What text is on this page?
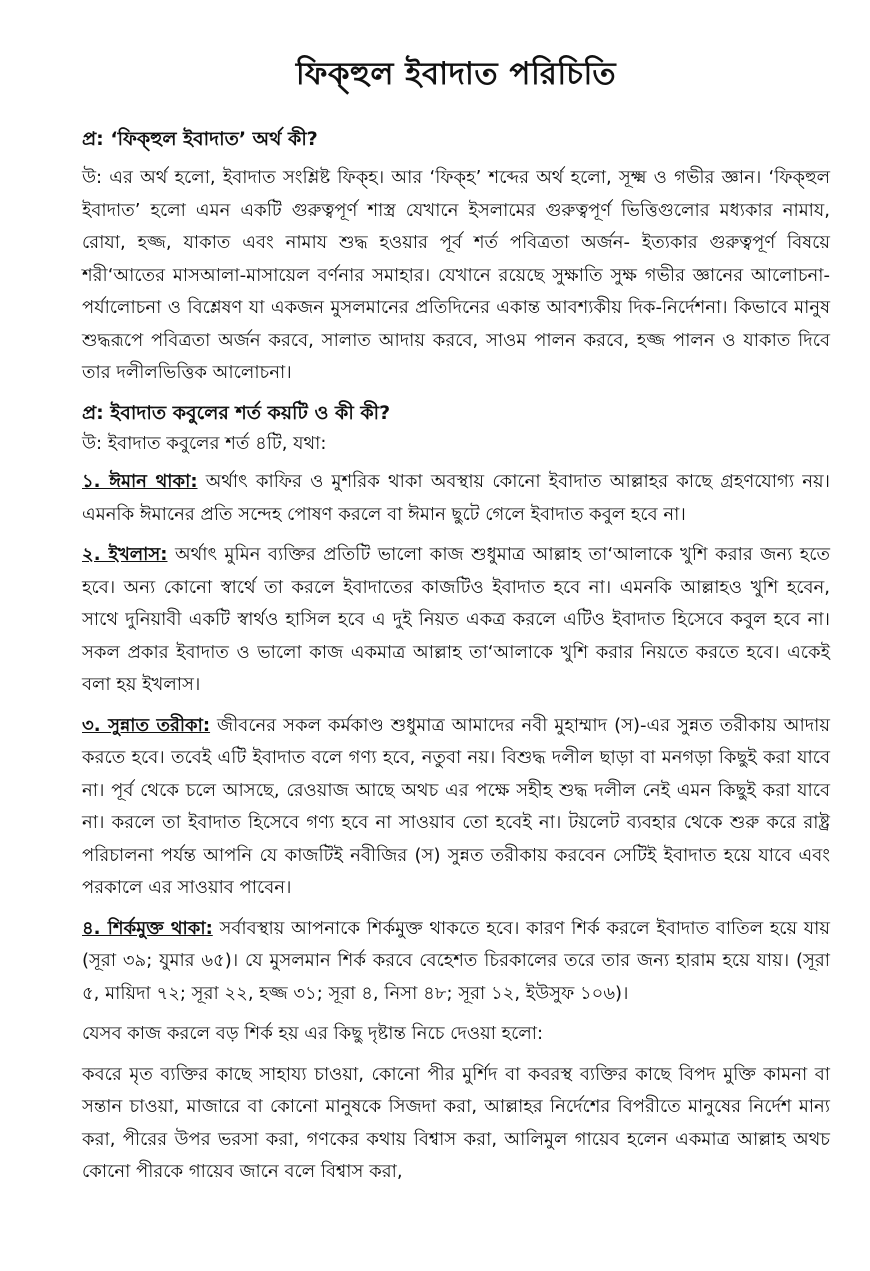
ফিক্‌হুল ইবাদাত পরিচিতি
প্র: ‘ফিক্‌হুল ইবাদাত’ অর্থ কী?
উ: এর অর্থ হলো, ইবাদাত সংশ্লিষ্ট ফিক্‌হ। আর ‘ফিক্‌হ’ শব্দের অর্থ হলো, সূক্ষ্ম ও গভীর জ্ঞান। ‘ফিক্‌হুল ইবাদাত’ হলো এমন একটি গুরুত্বপূর্ণ শাস্ত্র যেখানে ইসলামের গুরুত্বপূর্ণ ভিত্তিগুলোর মধ্যকার নামায, রোযা, হজ্জ, যাকাত এবং নামায শুদ্ধ হওয়ার পূর্ব শর্ত পবিত্রতা অর্জন- ইত্যকার গুরুত্বপূর্ণ বিষয়ে শরী‘আতের মাসআলা-মাসায়েল বর্ণনার সমাহার। যেখানে রয়েছে সুক্ষাতি সুক্ষ গভীর জ্ঞানের আলোচনা-পর্যালোচনা ও বিশ্লেষণ যা একজন মুসলমানের প্রতিদিনের একান্ত আবশ্যকীয় দিক-নির্দেশনা। কিভাবে মানুষ শুদ্ধরূপে পবিত্রতা অর্জন করবে, সালাত আদায় করবে, সাওম পালন করবে, হজ্জ পালন ও যাকাত দিবে তার দলীলভিত্তিক আলোচনা।
প্র: ইবাদাত কবুলের শর্ত কয়টি ও কী কী?
উ: ইবাদাত কবুলের শর্ত ৪টি, যথা:
১. ঈমান থাকা: অর্থাৎ কাফির ও মুশরিক থাকা অবস্থায় কোনো ইবাদাত আল্লাহর কাছে গ্রহণযোগ্য নয়। এমনকি ঈমানের প্রতি সন্দেহ পোষণ করলে বা ঈমান ছুটে গেলে ইবাদাত কবুল হবে না।
২. ইখলাস: অর্থাৎ মুমিন ব্যক্তির প্রতিটি ভালো কাজ শুধুমাত্র আল্লাহ তা‘আলাকে খুশি করার জন্য হতে হবে। অন্য কোনো স্বার্থে তা করলে ইবাদাতের কাজটিও ইবাদাত হবে না। এমনকি আল্লাহও খুশি হবেন, সাথে দুনিয়াবী একটি স্বার্থও হাসিল হবে এ দুই নিয়ত একত্র করলে এটিও ইবাদাত হিসেবে কবুল হবে না। সকল প্রকার ইবাদাত ও ভালো কাজ একমাত্র আল্লাহ তা‘আলাকে খুশি করার নিয়তে করতে হবে। একেই বলা হয় ইখলাস।
৩. সুন্নাত তরীকা: জীবনের সকল কর্মকাণ্ড শুধুমাত্র আমাদের নবী মুহাম্মাদ (স)-এর সুন্নত তরীকায় আদায় করতে হবে। তবেই এটি ইবাদাত বলে গণ্য হবে, নতুবা নয়। বিশুদ্ধ দলীল ছাড়া বা মনগড়া কিছুই করা যাবে না। পূর্ব থেকে চলে আসছে, রেওয়াজ আছে অথচ এর পক্ষে সহীহ শুদ্ধ দলীল নেই এমন কিছুই করা যাবে না। করলে তা ইবাদাত হিসেবে গণ্য হবে না সাওয়াব তো হবেই না। টয়লেট ব্যবহার থেকে শুরু করে রাষ্ট্র পরিচালনা পর্যন্ত আপনি যে কাজটিই নবীজির (স) সুন্নত তরীকায় করবেন সেটিই ইবাদাত হয়ে যাবে এবং পরকালে এর সাওয়াব পাবেন।
৪. শির্কমুক্ত থাকা: সর্বাবস্থায় আপনাকে শির্কমুক্ত থাকতে হবে। কারণ শির্ক করলে ইবাদাত বাতিল হয়ে যায় (সূরা ৩৯; যুমার ৬৫)। যে মুসলমান শির্ক করবে বেহেশত চিরকালের তরে তার জন্য হারাম হয়ে যায়। (সূরা ৫, মায়িদা ৭২; সূরা ২২, হজ্জ ৩১; সূরা ৪, নিসা ৪৮; সূরা ১২, ইউসুফ ১০৬)।
যেসব কাজ করলে বড় শির্ক হয় এর কিছু দৃষ্টান্ত নিচে দেওয়া হলো:
কবরে মৃত ব্যক্তির কাছে সাহায্য চাওয়া, কোনো পীর মুর্শিদ বা কবরস্থ ব্যক্তির কাছে বিপদ মুক্তি কামনা বা সন্তান চাওয়া, মাজারে বা কোনো মানুষকে সিজদা করা, আল্লাহর নির্দেশের বিপরীতে মানুষের নির্দেশ মান্য করা, পীরের উপর ভরসা করা, গণকের কথায় বিশ্বাস করা, আলিমুল গায়েব হলেন একমাত্র আল্লাহ অথচ কোনো পীরকে গায়েব জানে বলে বিশ্বাস করা,
